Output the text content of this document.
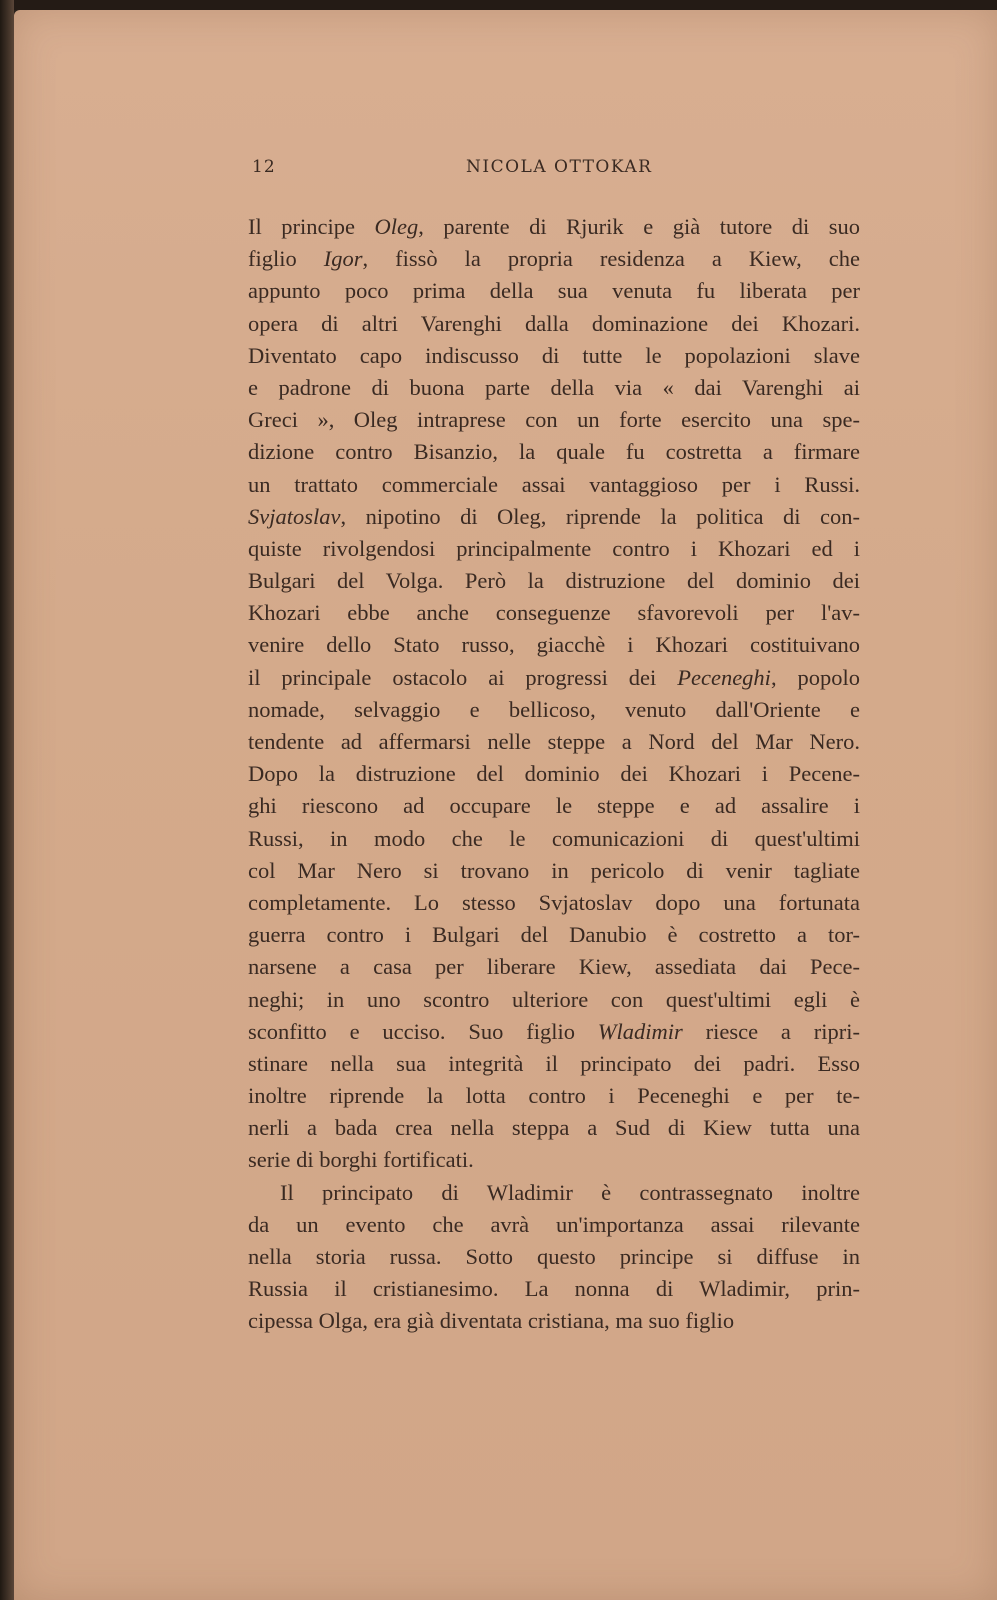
12	NICOLA OTTOKAR
Il principe Oleg, parente di Rjurik e già tutore di suo
figlio Igor, fissò la propria residenza a Kiew, che
appunto poco prima della sua venuta fu liberata per
opera di altri Varenghi dalla dominazione dei Khozari.
Diventato capo indiscusso di tutte le popolazioni slave
e padrone di buona parte della via « dai Varenghi ai
Greci », Oleg intraprese con un forte esercito una spe-
dizione contro Bisanzio, la quale fu costretta a firmare
un trattato commerciale assai vantaggioso per i Russi.
Svjatoslav, nipotino di Oleg, riprende la politica di con-
quiste rivolgendosi principalmente contro i Khozari ed i
Bulgari del Volga. Però la distruzione del dominio dei
Khozari ebbe anche conseguenze sfavorevoli per l'av-
venire dello Stato russo, giacchè i Khozari costituivano
il principale ostacolo ai progressi dei Peceneghi, popolo
nomade, selvaggio e bellicoso, venuto dall'Oriente e
tendente ad affermarsi nelle steppe a Nord del Mar Nero.
Dopo la distruzione del dominio dei Khozari i Pecene-
ghi riescono ad occupare le steppe e ad assalire i
Russi, in modo che le comunicazioni di quest'ultimi
col Mar Nero si trovano in pericolo di venir tagliate
completamente. Lo stesso Svjatoslav dopo una fortunata
guerra contro i Bulgari del Danubio è costretto a tor-
narsene a casa per liberare Kiew, assediata dai Pece-
neghi; in uno scontro ulteriore con quest'ultimi egli è
sconfitto e ucciso. Suo figlio Wladimir riesce a ripri-
stinare nella sua integrità il principato dei padri. Esso
inoltre riprende la lotta contro i Peceneghi e per te-
nerli a bada crea nella steppa a Sud di Kiew tutta una
serie di borghi fortificati.
Il principato di Wladimir è contrassegnato inoltre
da un evento che avrà un'importanza assai rilevante
nella storia russa. Sotto questo principe si diffuse in
Russia il cristianesimo. La nonna di Wladimir, prin-
cipessa Olga, era già diventata cristiana, ma suo figlio
